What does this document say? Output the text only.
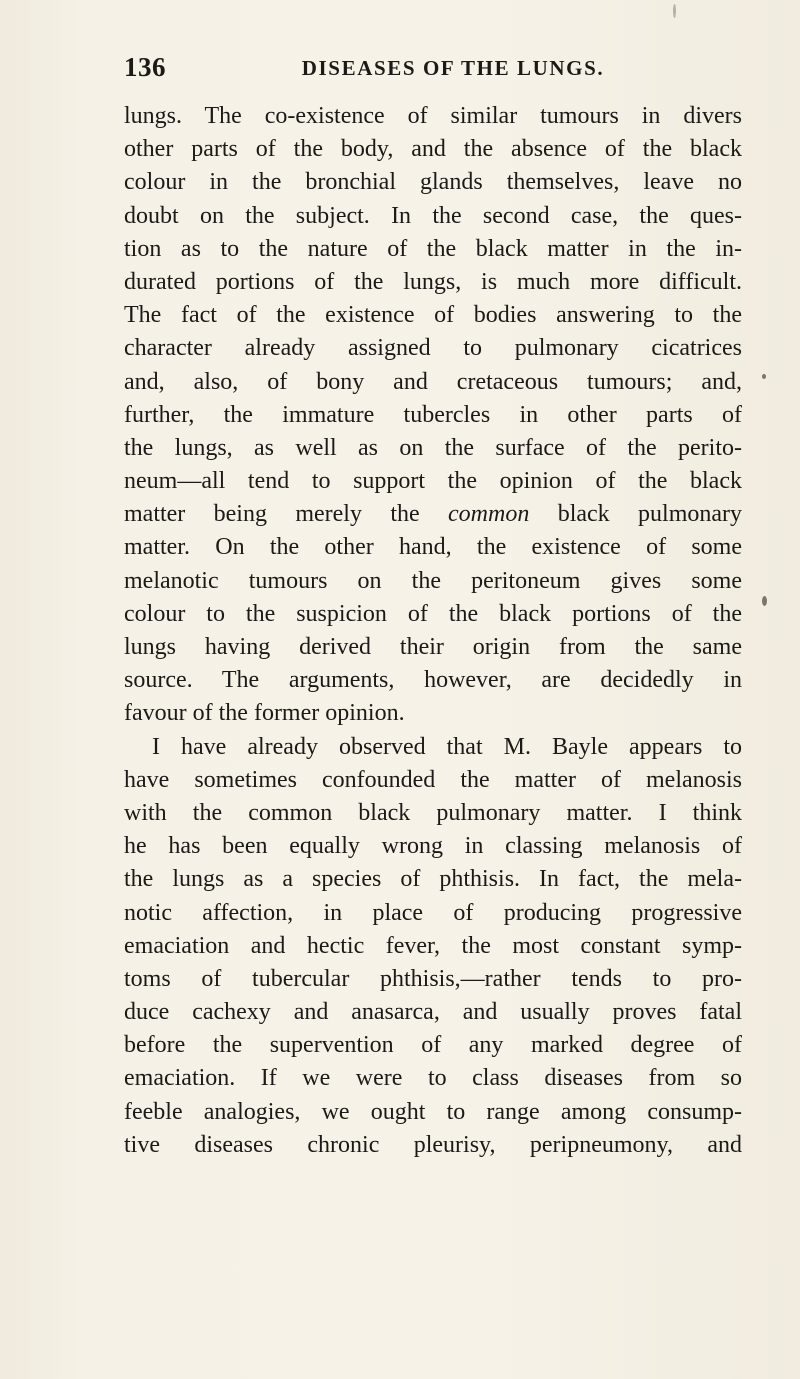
136	DISEASES OF THE LUNGS.
lungs. The co-existence of similar tumours in divers
other parts of the body, and the absence of the black
colour in the bronchial glands themselves, leave no
doubt on the subject. In the second case, the ques-
tion as to the nature of the black matter in the in-
durated portions of the lungs, is much more difficult.
The fact of the existence of bodies answering to the
character already assigned to pulmonary cicatrices
and, also, of bony and cretaceous tumours; and,
further, the immature tubercles in other parts of
the lungs, as well as on the surface of the perito-
neum—all tend to support the opinion of the black
matter being merely the common black pulmonary
matter. On the other hand, the existence of some
melanotic tumours on the peritoneum gives some
colour to the suspicion of the black portions of the
lungs having derived their origin from the same
source. The arguments, however, are decidedly in
favour of the former opinion.
I have already observed that M. Bayle appears to
have sometimes confounded the matter of melanosis
with the common black pulmonary matter. I think
he has been equally wrong in classing melanosis of
the lungs as a species of phthisis. In fact, the mela-
notic affection, in place of producing progressive
emaciation and hectic fever, the most constant symp-
toms of tubercular phthisis,—rather tends to pro-
duce cachexy and anasarca, and usually proves fatal
before the supervention of any marked degree of
emaciation. If we were to class diseases from so
feeble analogies, we ought to range among consump-
tive diseases chronic pleurisy, peripneumony, and
